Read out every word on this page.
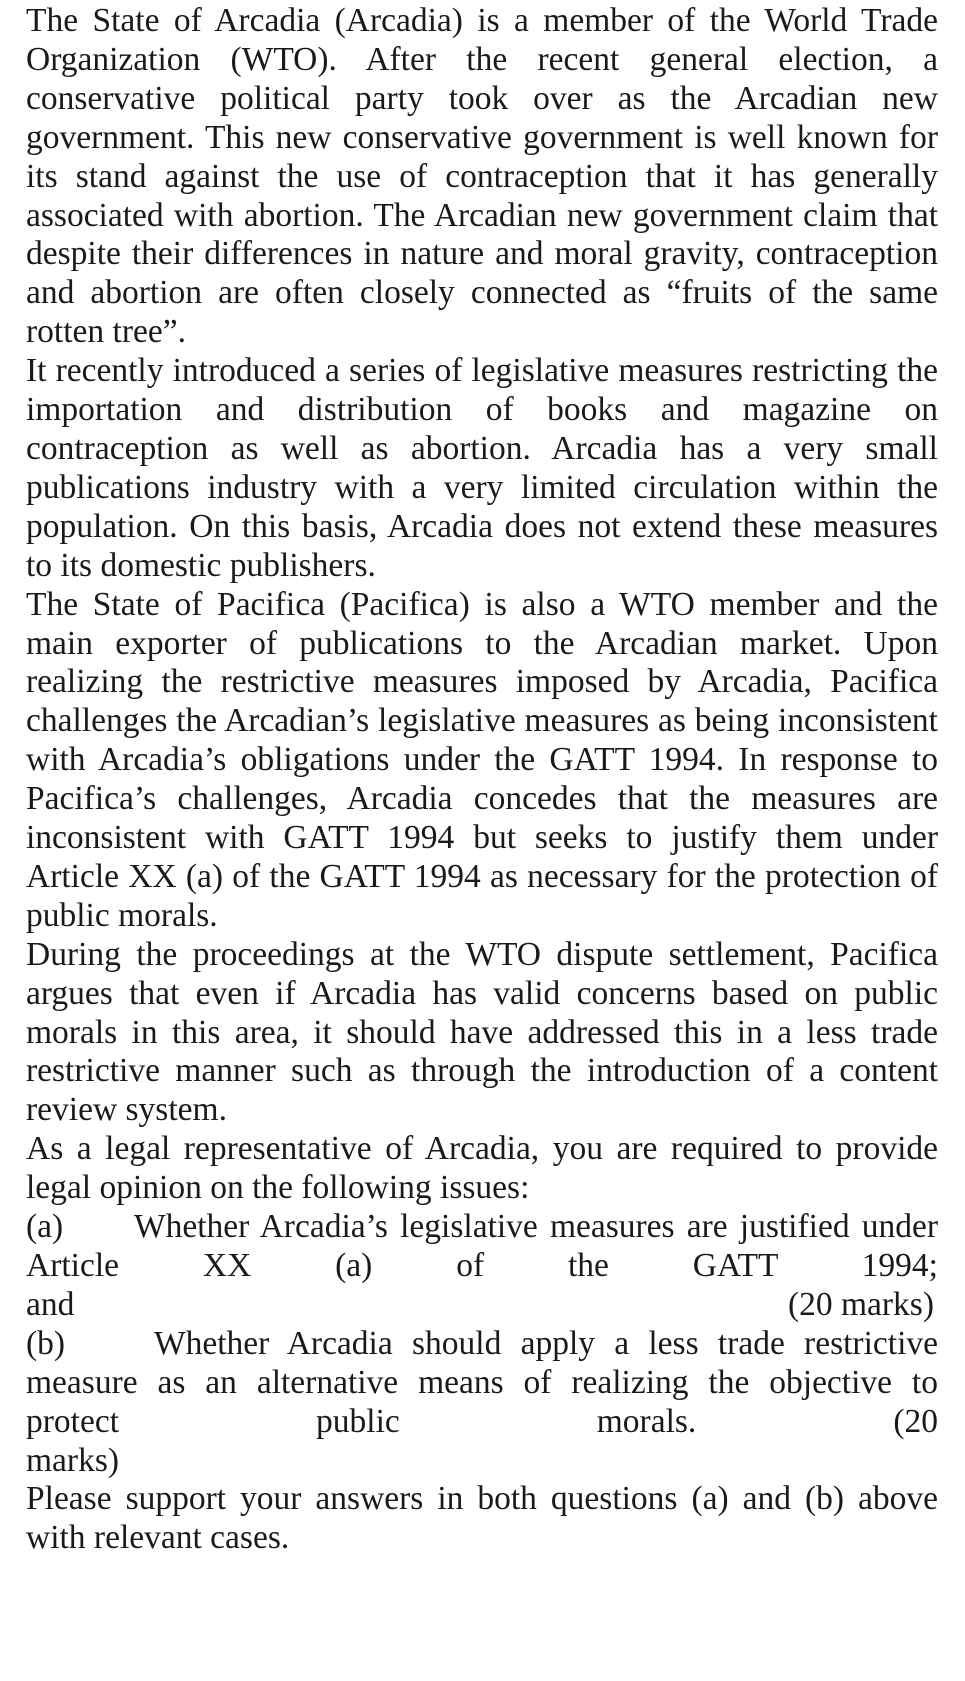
The State of Arcadia (Arcadia) is a member of the World Trade Organization (WTO). After the recent general election, a conservative political party took over as the Arcadian new government. This new conservative government is well known for its stand against the use of contraception that it has generally associated with abortion. The Arcadian new government claim that despite their differences in nature and moral gravity, contraception and abortion are often closely connected as “fruits of the same rotten tree”.

It recently introduced a series of legislative measures restricting the importation and distribution of books and magazine on contraception as well as abortion. Arcadia has a very small publications industry with a very limited circulation within the population. On this basis, Arcadia does not extend these measures to its domestic publishers.

The State of Pacifica (Pacifica) is also a WTO member and the main exporter of publications to the Arcadian market. Upon realizing the restrictive measures imposed by Arcadia, Pacifica challenges the Arcadian’s legislative measures as being inconsistent with Arcadia’s obligations under the GATT 1994. In response to Pacifica’s challenges, Arcadia concedes that the measures are inconsistent with GATT 1994 but seeks to justify them under Article XX (a) of the GATT 1994 as necessary for the protection of public morals.

During the proceedings at the WTO dispute settlement, Pacifica argues that even if Arcadia has valid concerns based on public morals in this area, it should have addressed this in a less trade restrictive manner such as through the introduction of a content review system.

As a legal representative of Arcadia, you are required to provide legal opinion on the following issues:

(a) Whether Arcadia’s legislative measures are justified under Article XX (a) of the GATT 1994;

and	(20 marks)

(b)	Whether Arcadia should apply a less trade restrictive measure as an alternative means of realizing the objective to

protect	public	morals.	(20

marks)

Please support your answers in both questions (a) and (b) above with relevant cases.
